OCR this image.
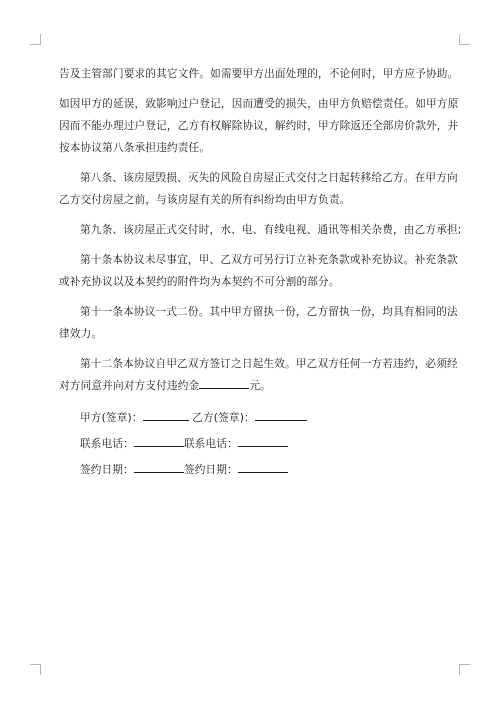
告及主管部门要求的其它文件。如需要甲方出面处理的，不论何时，甲方应予协助。
如因甲方的延误，致影响过户登记，因而遭受的损失，由甲方负赔偿责任。如甲方原
因而不能办理过户登记，乙方有权解除协议，解约时，甲方除返还全部房价款外，并
按本协议第八条承担违约责任。
第八条、该房屋毁损、灭失的风险自房屋正式交付之日起转移给乙方。在甲方向
乙方交付房屋之前，与该房屋有关的所有纠纷均由甲方负责。
第九条、该房屋正式交付时，水、电、有线电视、通讯等相关杂费，由乙方承担;
第十条本协议未尽事宜，甲、乙双方可另行订立补充条款或补充协议。补充条款
或补充协议以及本契约的附件均为本契约不可分割的部分。
第十一条本协议一式二份。其中甲方留执一份，乙方留执一份，均具有相同的法
律效力。
第十二条本协议自甲乙双方签订之日起生效。甲乙双方任何一方若违约，必须经
对方同意并向对方支付违约金	元。
甲方(签章)：	乙方(签章)：
联系电话：	联系电话：
签约日期：	签约日期：
